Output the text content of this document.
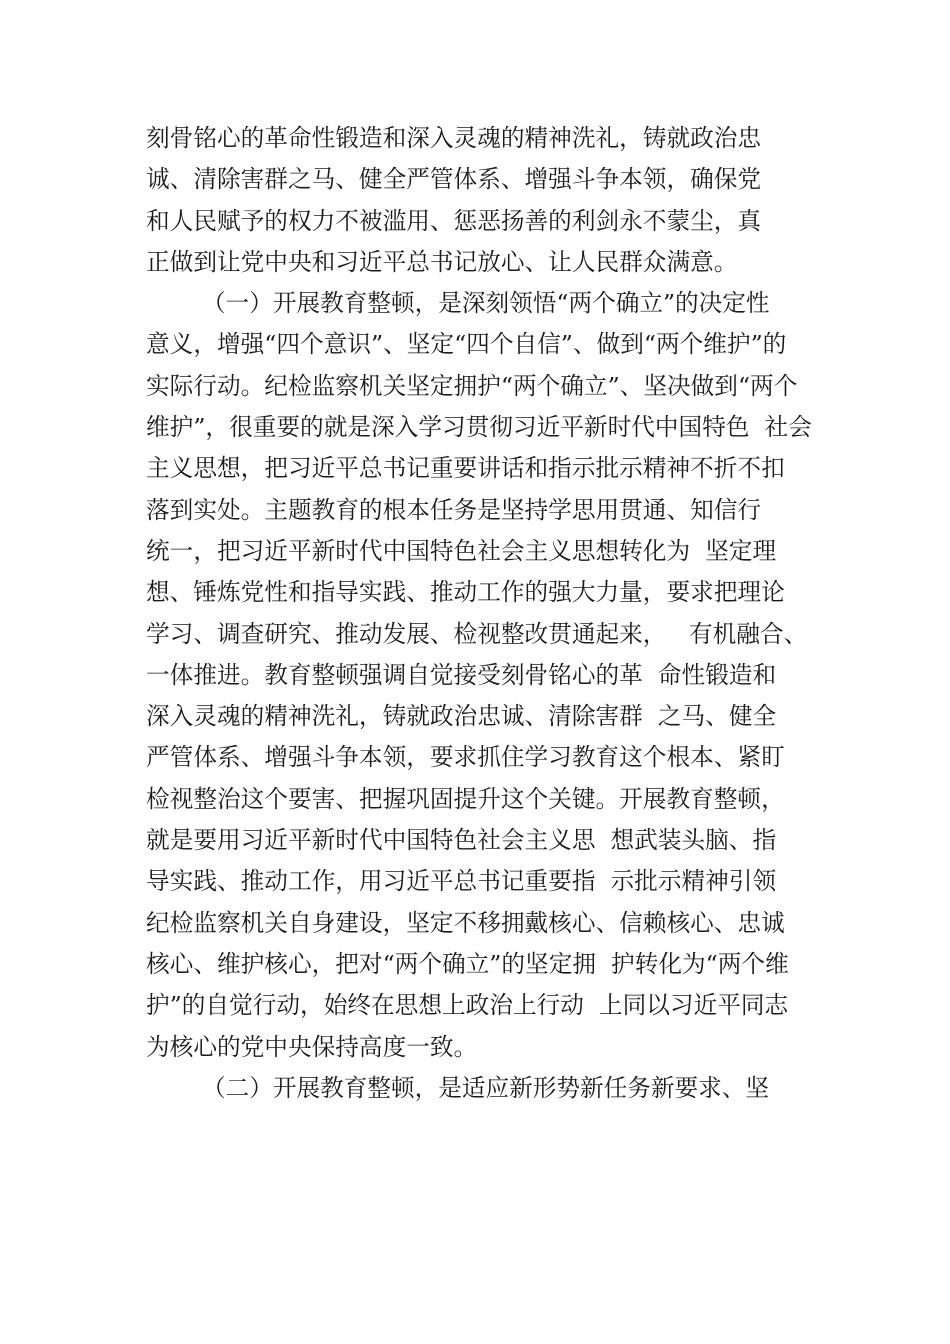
刻骨铭心的革命性锻造和深入灵魂的精神洗礼，铸就政治忠
诚、清除害群之马、健全严管体系、增强斗争本领，确保党
和人民赋予的权力不被滥用、惩恶扬善的利剑永不蒙尘，真
正做到让党中央和习近平总书记放心、让人民群众满意。
（一）开展教育整顿，是深刻领悟“两个确立”的决定性
意义，增强“四个意识”、坚定“四个自信”、做到“两个维护”的
实际行动。纪检监察机关坚定拥护“两个确立”、坚决做到“两个
维护”，很重要的就是深入学习贯彻习近平新时代中国特色  社会
主义思想，把习近平总书记重要讲话和指示批示精神不折不扣
落到实处。主题教育的根本任务是坚持学思用贯通、知信行
统一，把习近平新时代中国特色社会主义思想转化为  坚定理
想、锤炼党性和指导实践、推动工作的强大力量，要求把理论
学习、调查研究、推动发展、检视整改贯通起来，   有机融合、
一体推进。教育整顿强调自觉接受刻骨铭心的革  命性锻造和
深入灵魂的精神洗礼，铸就政治忠诚、清除害群  之马、健全
严管体系、增强斗争本领，要求抓住学习教育这个根本、紧盯
检视整治这个要害、把握巩固提升这个关键。开展教育整顿，
就是要用习近平新时代中国特色社会主义思  想武装头脑、指
导实践、推动工作，用习近平总书记重要指  示批示精神引领
纪检监察机关自身建设，坚定不移拥戴核心、信赖核心、忠诚
核心、维护核心，把对“两个确立”的坚定拥  护转化为“两个维
护”的自觉行动，始终在思想上政治上行动  上同以习近平同志
为核心的党中央保持高度一致。
（二）开展教育整顿，是适应新形势新任务新要求、坚
